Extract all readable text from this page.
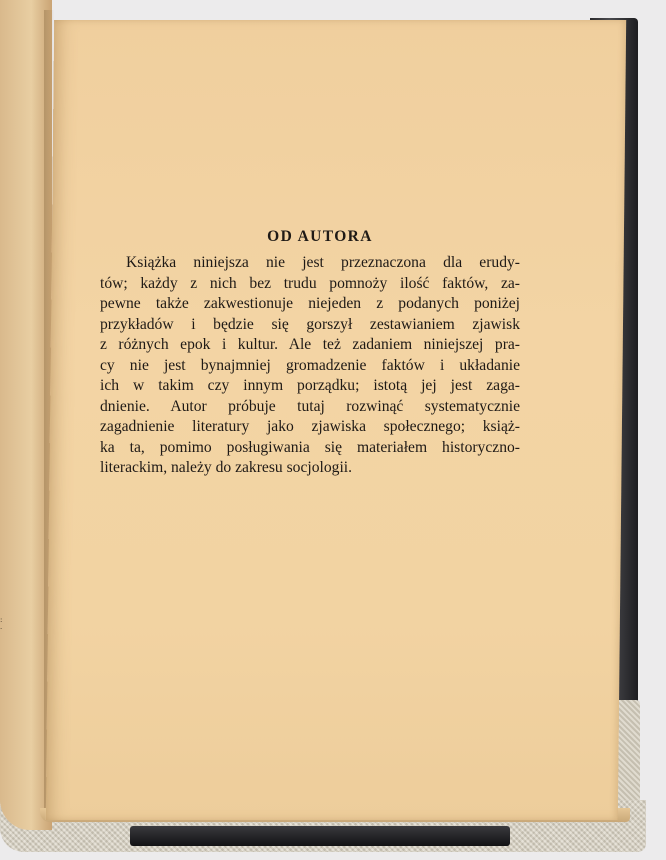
:
·
OD AUTORA

Książka niniejsza nie jest przeznaczona dla erudy-
tów; każdy z nich bez trudu pomnoży ilość faktów, za-
pewne także zakwestionuje niejeden z podanych poniżej
przykładów i będzie się gorszył zestawianiem zjawisk
z różnych epok i kultur. Ale też zadaniem niniejszej pra-
cy nie jest bynajmniej gromadzenie faktów i układanie
ich w takim czy innym porządku; istotą jej jest zaga-
dnienie. Autor próbuje tutaj rozwinąć systematycznie
zagadnienie literatury jako zjawiska społecznego; książ-
ka ta, pomimo posługiwania się materiałem historyczno-
literackim, należy do zakresu socjologii.
